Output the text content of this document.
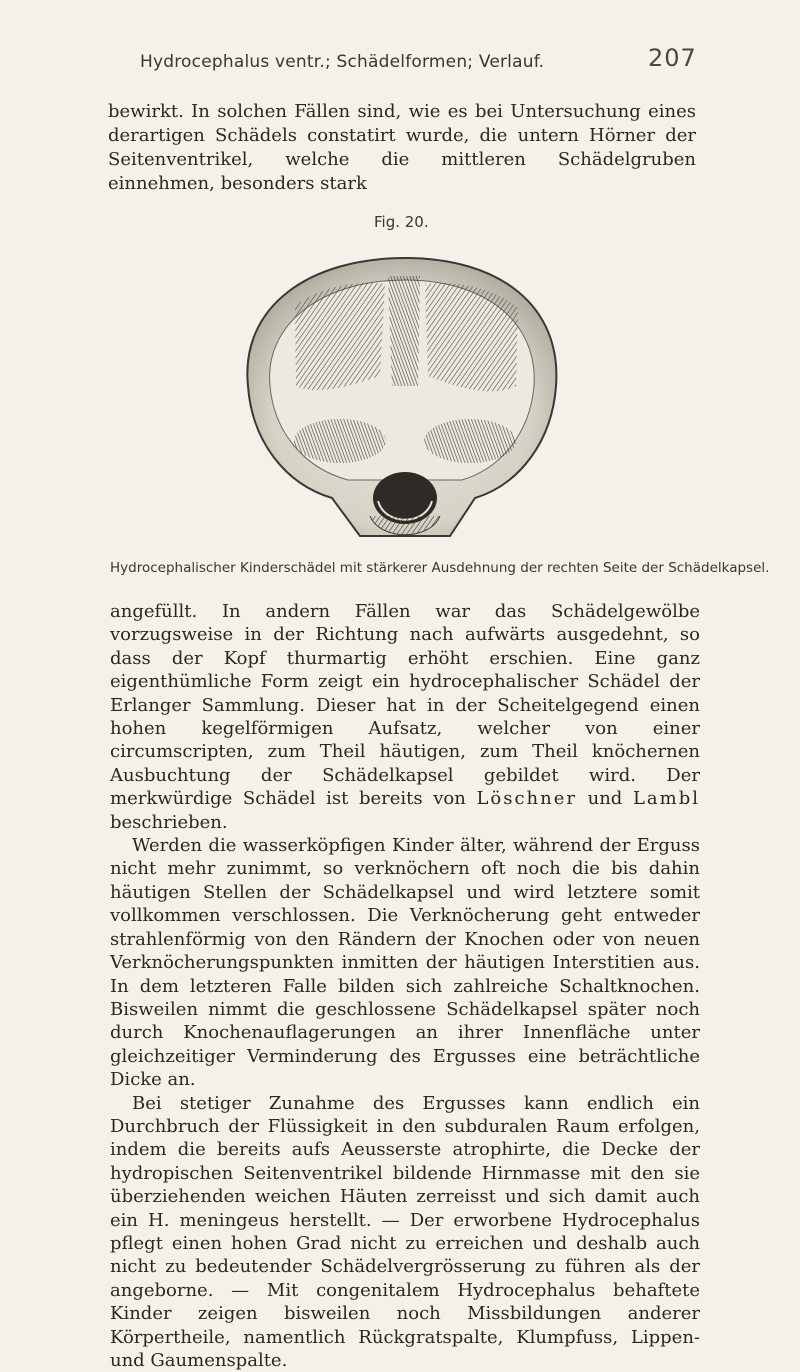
Hydrocephalus ventr.; Schädelformen; Verlauf.	207
bewirkt. In solchen Fällen sind, wie es bei Untersuchung eines derartigen Schädels constatirt wurde, die untern Hörner der Seitenventrikel, welche die mittleren Schädelgruben einnehmen, besonders stark
Fig. 20.
Hydrocephalischer Kinderschädel mit stärkerer Ausdehnung der rechten Seite der Schädelkapsel.

angefüllt. In andern Fällen war das Schädelgewölbe vorzugsweise in der Richtung nach aufwärts ausgedehnt, so dass der Kopf thurmartig erhöht erschien. Eine ganz eigenthümliche Form zeigt ein hydrocephalischer Schädel der Erlanger Sammlung. Dieser hat in der Scheitelgegend einen hohen kegelförmigen Aufsatz, welcher von einer circumscripten, zum Theil häutigen, zum Theil knöchernen Ausbuchtung der Schädelkapsel gebildet wird. Der merkwürdige Schädel ist bereits von Löschner und Lambl beschrieben.

Werden die wasserköpfigen Kinder älter, während der Erguss nicht mehr zunimmt, so verknöchern oft noch die bis dahin häutigen Stellen der Schädelkapsel und wird letztere somit vollkommen verschlossen. Die Verknöcherung geht entweder strahlenförmig von den Rändern der Knochen oder von neuen Verknöcherungspunkten inmitten der häutigen Interstitien aus. In dem letzteren Falle bilden sich zahlreiche Schaltknochen. Bisweilen nimmt die geschlossene Schädelkapsel später noch durch Knochenauflagerungen an ihrer Innenfläche unter gleichzeitiger Verminderung des Ergusses eine beträchtliche Dicke an.

Bei stetiger Zunahme des Ergusses kann endlich ein Durchbruch der Flüssigkeit in den subduralen Raum erfolgen, indem die bereits aufs Aeusserste atrophirte, die Decke der hydropischen Seitenventrikel bildende Hirnmasse mit den sie überziehenden weichen Häuten zerreisst und sich damit auch ein H. meningeus herstellt. — Der erworbene Hydrocephalus pflegt einen hohen Grad nicht zu erreichen und deshalb auch nicht zu bedeutender Schädelvergrösserung zu führen als der angeborne. — Mit congenitalem Hydrocephalus behaftete Kinder zeigen bisweilen noch Missbildungen anderer Körpertheile, namentlich Rückgratspalte, Klumpfuss, Lippen- und Gaumenspalte.
